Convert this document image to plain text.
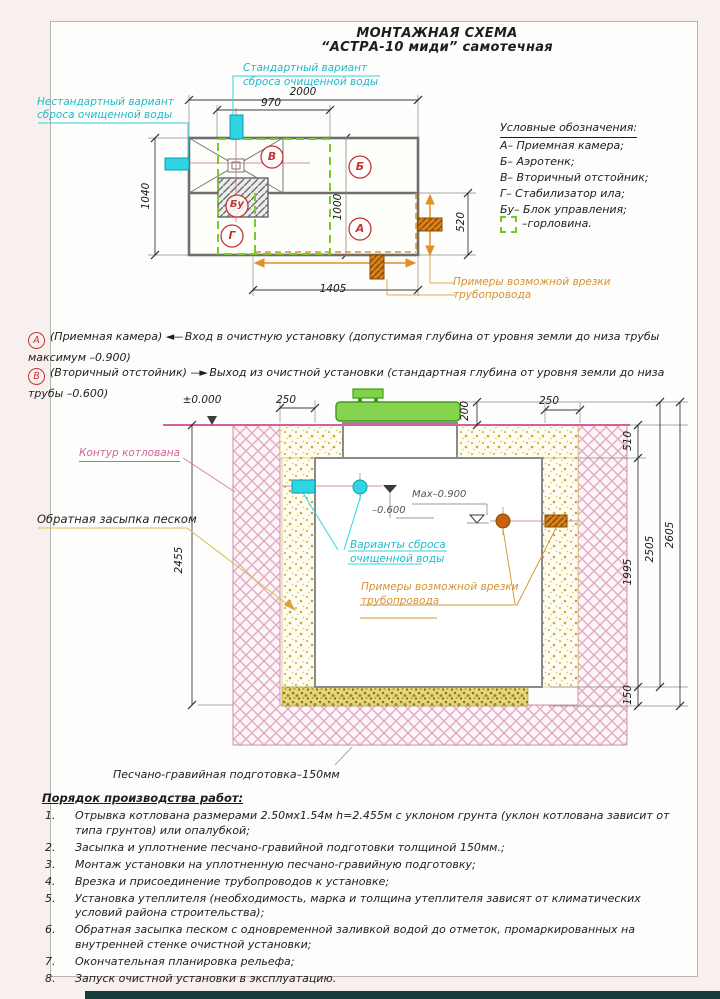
МОНТАЖНАЯ СХЕМА
“АСТРА-10 миди” самотечная
Стандартный вариант
сброса очищенной воды
Нестандартный вариант
сброса очищенной воды
2000
970
1040	1000
520
1405
В
Б
А
Г
Бу
Примеры возможной врезки
трубопровода
Условные обозначения:
А– Приемная камера;
Б– Аэротенк;
В– Вторичный отстойник;
Г– Стабилизатор ила;
Бу– Блок управления;
–горловина.
А (Приемная камера) ◄— Вход в очистную установку (допустимая глубина от уровня земли до низа трубы максимум –0.900)
В (Вторичный отстойник) —► Выход из очистной установки (стандартная глубина от уровня земли до низа трубы –0.600)	±0.000	250	250
200
2455
510
1995
150
2505
2605
Контур котлована
Обратная засыпка песком
Max–0.900
–0.600
Варианты сброса
очищенной воды
Примеры возможной врезки
трубопровода
Песчано-гравийная подготовка–150мм
Порядок производства работ:
1.	Отрывка котлована размерами 2.50мх1.54м h=2.455м с уклоном грунта (уклон котлована зависит от типа грунтов) или опалубкой;
2.	Засыпка и уплотнение песчано-гравийной подготовки толщиной 150мм.;
3.	Монтаж установки на уплотненную песчано-гравийную подготовку;
4.	Врезка и присоединение трубопроводов к установке;
5.	Установка утеплителя (необходимость, марка и толщина утеплителя зависят от климатических условий района строительства);
6.	Обратная засыпка песком с одновременной заливкой водой до отметок, промаркированных на внутренней стенке очистной установки;
7.	Окончательная планировка рельефа;
8.	Запуск очистной установки в эксплуатацию.
